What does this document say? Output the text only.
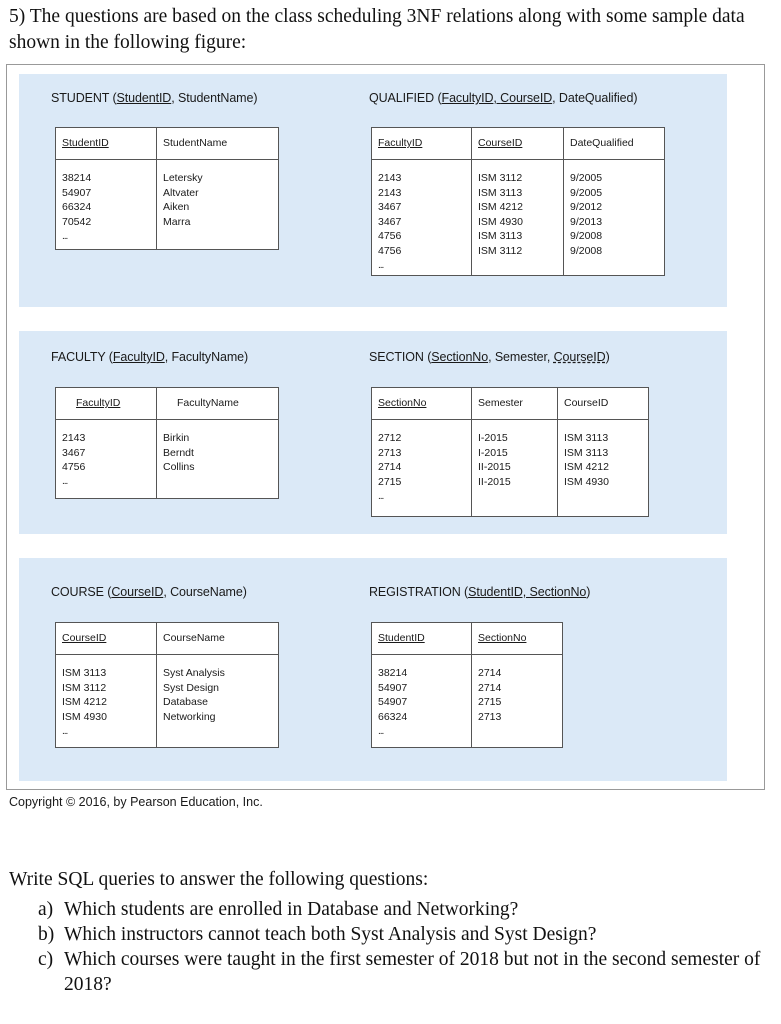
5) The questions are based on the class scheduling 3NF relations along with some sample data shown in the following figure:
STUDENT (StudentID, StudentName)
StudentID
38214
54907
66324
70542
...
StudentName
Letersky
Altvater
Aiken
Marra
QUALIFIED (FacultyID, CourseID, DateQualified)
FacultyID
2143
2143
3467
3467
4756
4756
...
CourseID
ISM 3112
ISM 3113
ISM 4212
ISM 4930
ISM 3113
ISM 3112
DateQualified
9/2005
9/2005
9/2012
9/2013
9/2008
9/2008
FACULTY (FacultyID, FacultyName)
FacultyID
2143
3467
4756
...
FacultyName
Birkin
Berndt
Collins
SECTION (SectionNo, Semester, CourseID)
SectionNo
2712
2713
2714
2715
...
Semester
I-2015
I-2015
II-2015
II-2015
CourseID
ISM 3113
ISM 3113
ISM 4212
ISM 4930
COURSE (CourseID, CourseName)
CourseID
ISM 3113
ISM 3112
ISM 4212
ISM 4930
...
CourseName
Syst Analysis
Syst Design
Database
Networking
REGISTRATION (StudentID, SectionNo)
StudentID
38214
54907
54907
66324
...
SectionNo
2714
2714
2715
2713
Copyright © 2016, by Pearson Education, Inc.

Write SQL queries to answer the following questions:

a) Which students are enrolled in Database and Networking?
b) Which instructors cannot teach both Syst Analysis and Syst Design?
c) Which courses were taught in the first semester of 2018 but not in the second semester of 2018?
